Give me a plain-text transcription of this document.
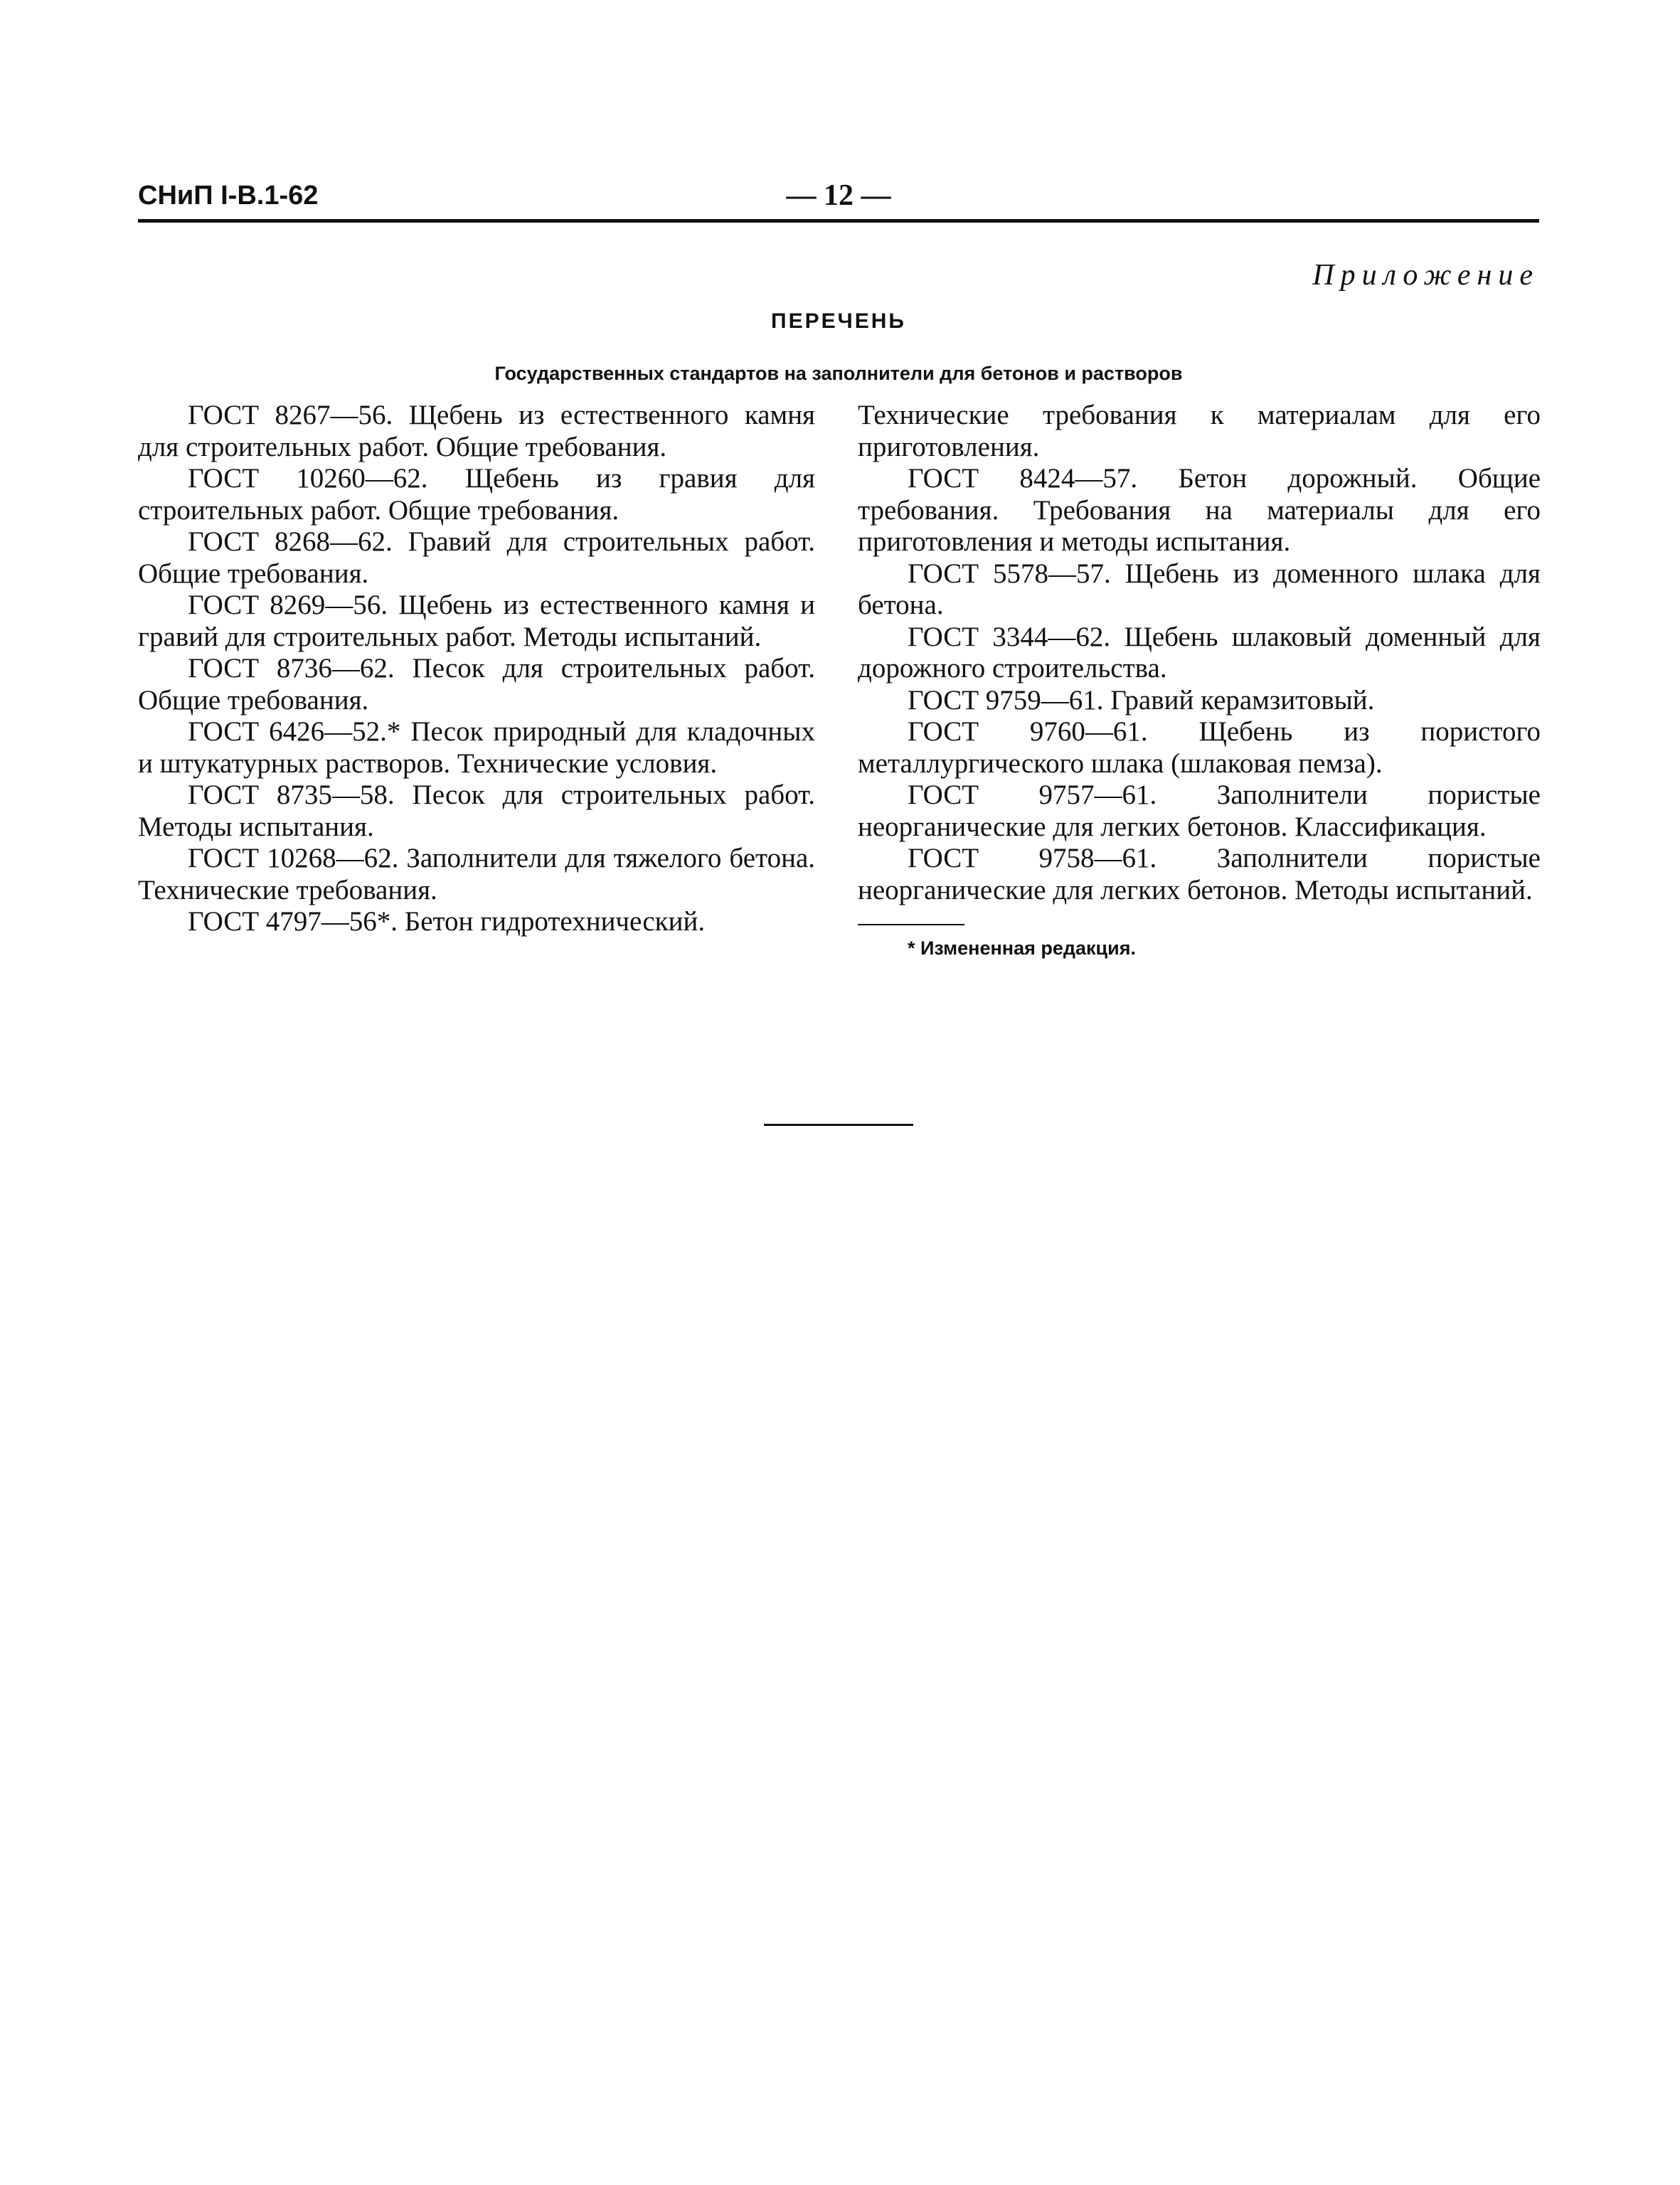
СНиП I-В.1-62	— 12 —
Приложение
ПЕРЕЧЕНЬ
Государственных стандартов на заполнители для бетонов и растворов

ГОСТ 8267—56. Щебень из естественного камня для строительных работ. Общие требования.

ГОСТ 10260—62. Щебень из гравия для строительных работ. Общие требования.

ГОСТ 8268—62. Гравий для строительных работ. Общие требования.

ГОСТ 8269—56. Щебень из естественного камня и гравий для строительных работ. Методы испытаний.

ГОСТ 8736—62. Песок для строительных работ. Общие требования.

ГОСТ 6426—52.* Песок природный для кладочных и штукатурных растворов. Технические условия.

ГОСТ 8735—58. Песок для строительных работ. Методы испытания.

ГОСТ 10268—62. Заполнители для тяжелого бетона. Технические требования.

ГОСТ 4797—56*. Бетон гидротехнический.

Технические требования к материалам для его приготовления.

ГОСТ 8424—57. Бетон дорожный. Общие требования. Требования на материалы для его приготовления и методы испытания.

ГОСТ 5578—57. Щебень из доменного шлака для бетона.

ГОСТ 3344—62. Щебень шлаковый доменный для дорожного строительства.

ГОСТ 9759—61. Гравий керамзитовый.

ГОСТ 9760—61. Щебень из пористого металлургического шлака (шлаковая пемза).

ГОСТ 9757—61. Заполнители пористые неорганические для легких бетонов. Классификация.

ГОСТ 9758—61. Заполнители пористые неорганические для легких бетонов. Методы испытаний.

* Измененная редакция.
